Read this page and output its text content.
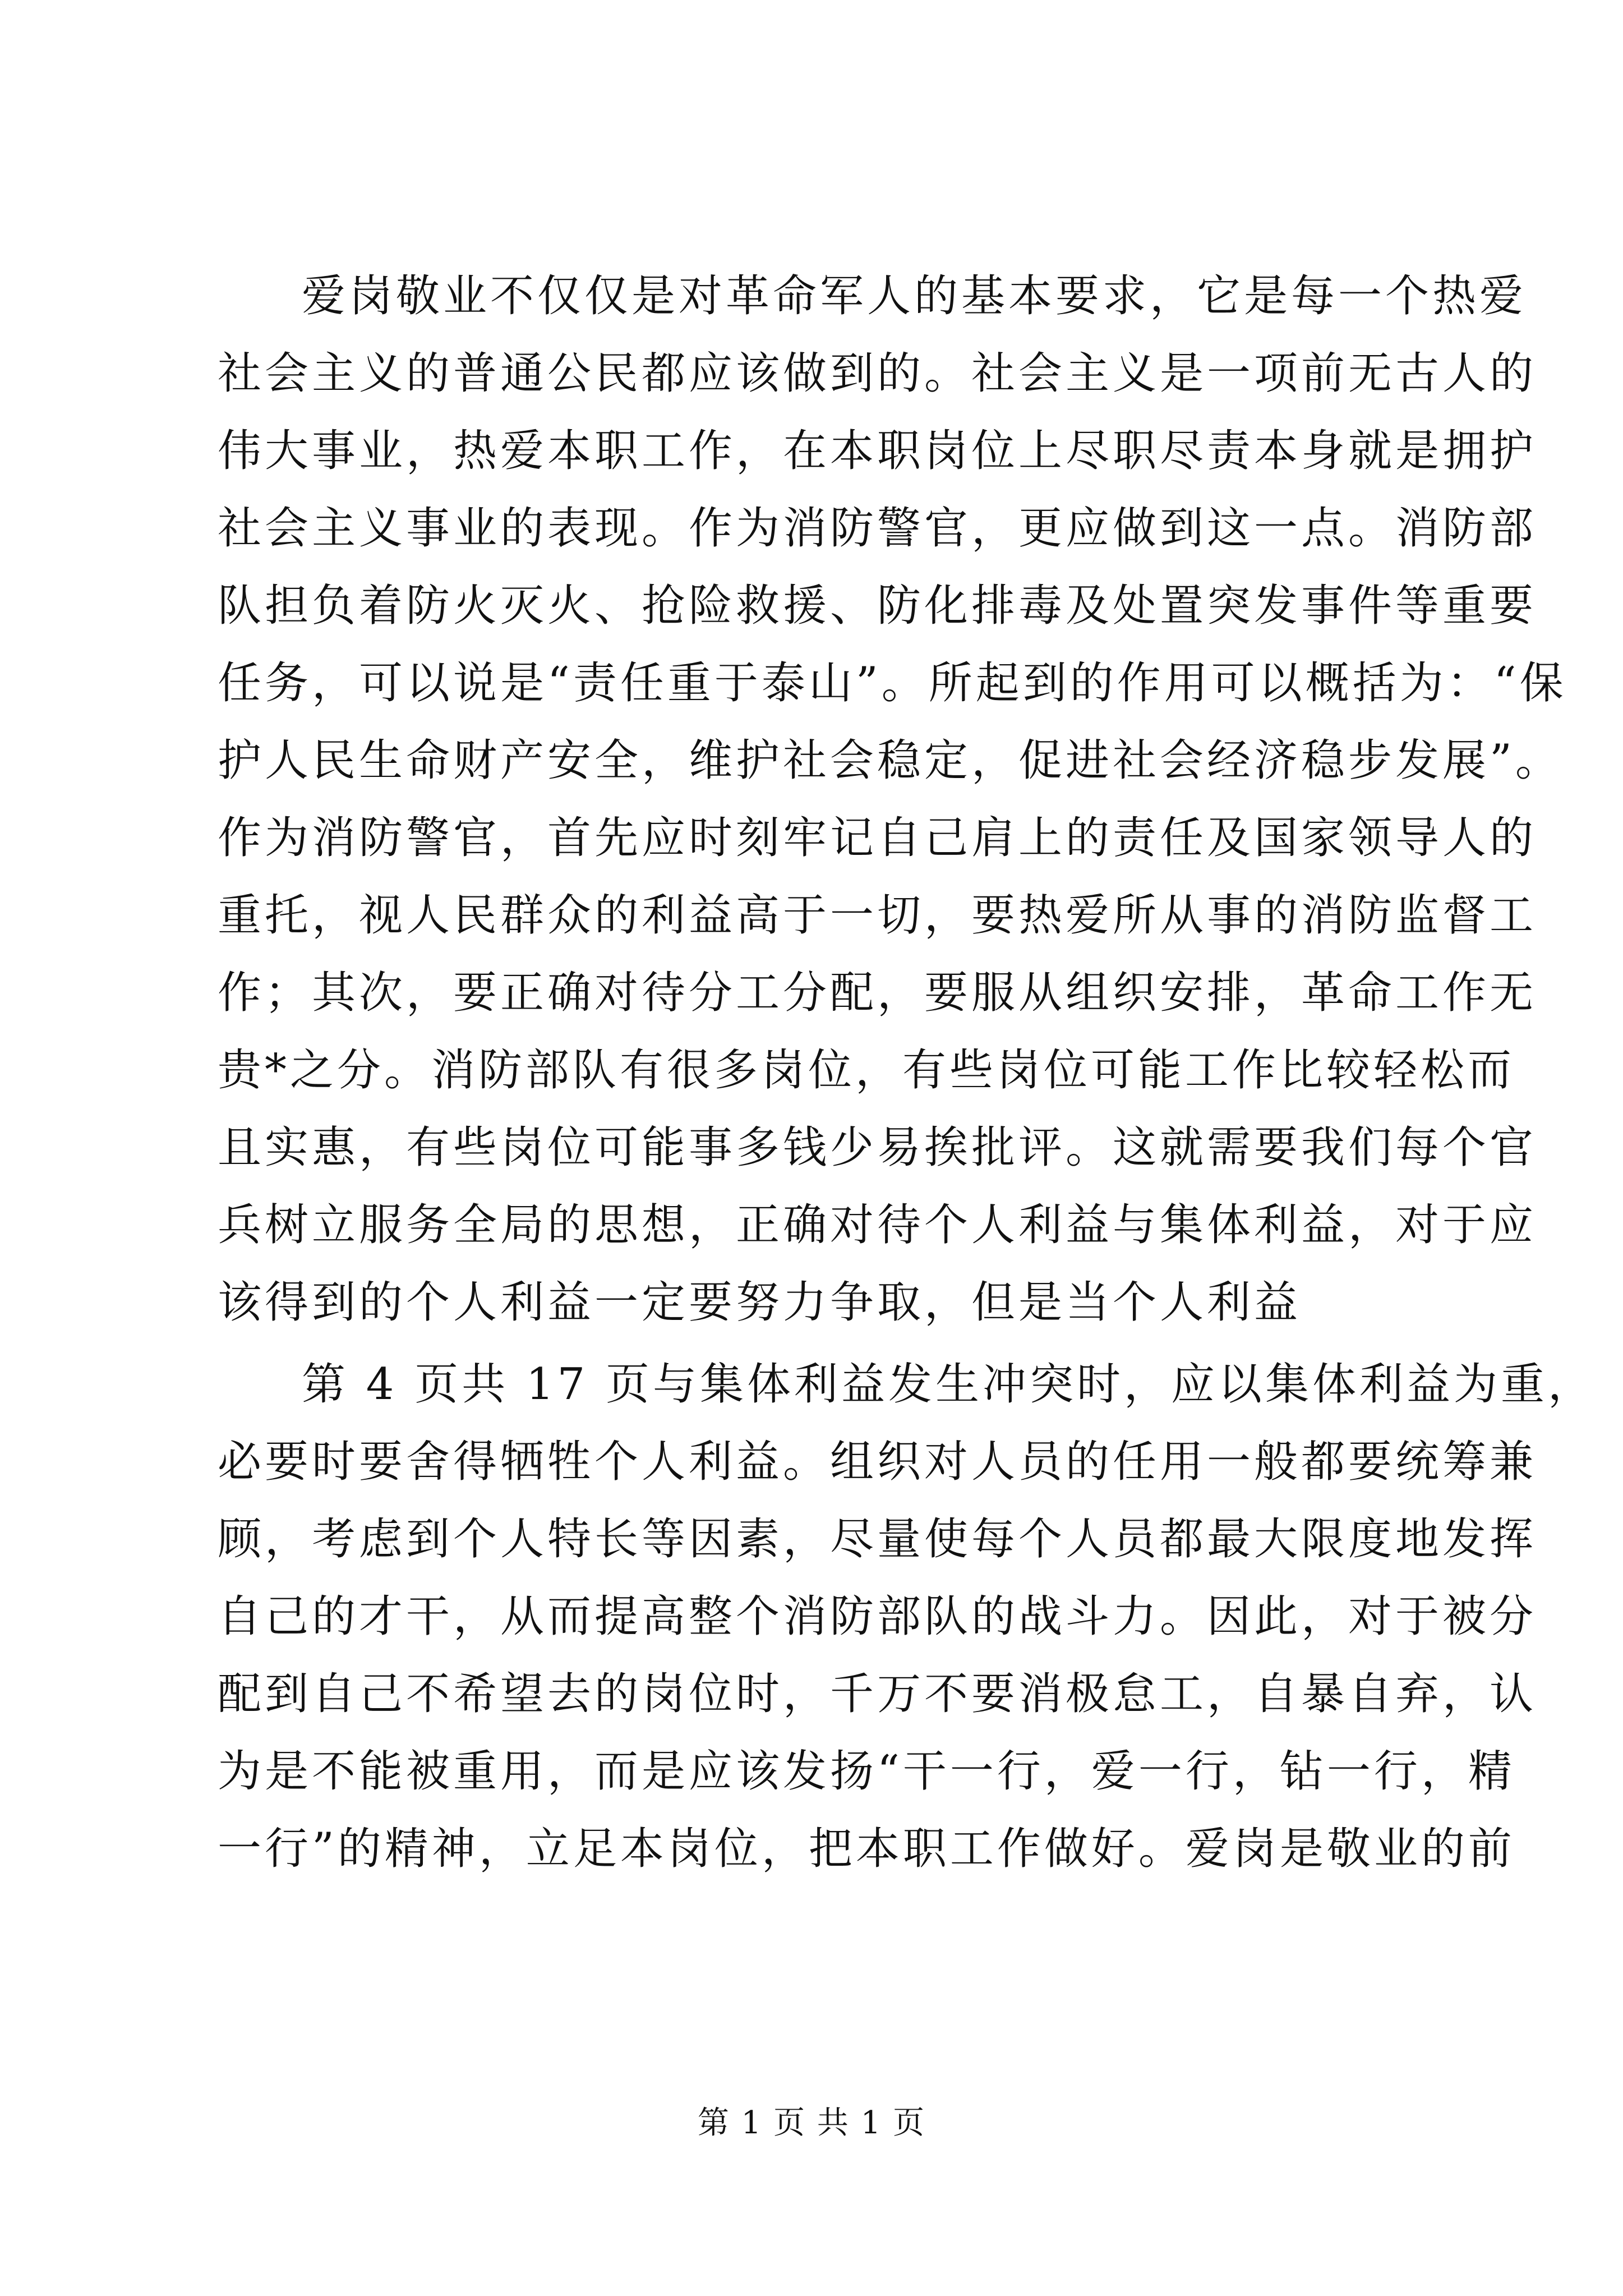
爱岗敬业不仅仅是对革命军人的基本要求，它是每一个热爱
社会主义的普通公民都应该做到的。社会主义是一项前无古人的
伟大事业，热爱本职工作，在本职岗位上尽职尽责本身就是拥护
社会主义事业的表现。作为消防警官，更应做到这一点。消防部
队担负着防火灭火、抢险救援、防化排毒及处置突发事件等重要
任务，可以说是“责任重于泰山”。所起到的作用可以概括为：“保
护人民生命财产安全，维护社会稳定，促进社会经济稳步发展”。
作为消防警官，首先应时刻牢记自己肩上的责任及国家领导人的
重托，视人民群众的利益高于一切，要热爱所从事的消防监督工
作；其次，要正确对待分工分配，要服从组织安排，革命工作无
贵*之分。消防部队有很多岗位，有些岗位可能工作比较轻松而
且实惠，有些岗位可能事多钱少易挨批评。这就需要我们每个官
兵树立服务全局的思想，正确对待个人利益与集体利益，对于应
该得到的个人利益一定要努力争取，但是当个人利益
第 4 页共 17 页与集体利益发生冲突时，应以集体利益为重，
必要时要舍得牺牲个人利益。组织对人员的任用一般都要统筹兼
顾，考虑到个人特长等因素，尽量使每个人员都最大限度地发挥
自己的才干，从而提高整个消防部队的战斗力。因此，对于被分
配到自己不希望去的岗位时，千万不要消极怠工，自暴自弃，认
为是不能被重用，而是应该发扬“干一行，爱一行，钻一行，精
一行”的精神，立足本岗位，把本职工作做好。爱岗是敬业的前
第 1 页 共 1 页
